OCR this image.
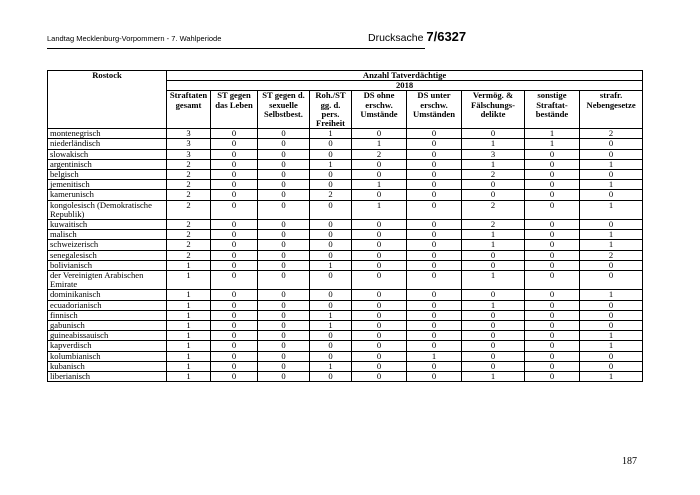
Landtag Mecklenburg-Vorpommern - 7. Wahlperiode	Drucksache 7/6327
Rostock	Anzahl Tatverdächtige								
	2018								
	Straftaten gesamt	ST gegen das Leben	ST gegen d. sexuelle Selbstbest.	Roh./ST gg. d. pers. Freiheit	DS ohne erschw. Umstände	DS unter erschw. Umständen	Vermög. & Fälschungs-delikte	sonstige Straftat-bestände	strafr. Nebengesetze
montenegrisch	3	0	0	1	0	0	0	1	2
niederländisch	3	0	0	0	1	0	1	1	0
slowakisch	3	0	0	0	2	0	3	0	0
argentinisch	2	0	0	1	0	0	1	0	1
belgisch	2	0	0	0	0	0	2	0	0
jemenitisch	2	0	0	0	1	0	0	0	1
kamerunisch	2	0	0	2	0	0	0	0	0
kongolesisch (Demokratische Republik)	2	0	0	0	1	0	2	0	1
kuwaitisch	2	0	0	0	0	0	2	0	0
malisch	2	0	0	0	0	0	1	0	1
schweizerisch	2	0	0	0	0	0	1	0	1
senegalesisch	2	0	0	0	0	0	0	0	2
bolivianisch	1	0	0	1	0	0	0	0	0
der Vereinigten Arabischen Emirate	1	0	0	0	0	0	1	0	0
dominikanisch	1	0	0	0	0	0	0	0	1
ecuadorianisch	1	0	0	0	0	0	1	0	0
finnisch	1	0	0	1	0	0	0	0	0
gabunisch	1	0	0	1	0	0	0	0	0
guineabissauisch	1	0	0	0	0	0	0	0	1
kapverdisch	1	0	0	0	0	0	0	0	1
kolumbianisch	1	0	0	0	0	1	0	0	0
kubanisch	1	0	0	1	0	0	0	0	0
liberianisch	1	0	0	0	0	0	1	0	1
187
